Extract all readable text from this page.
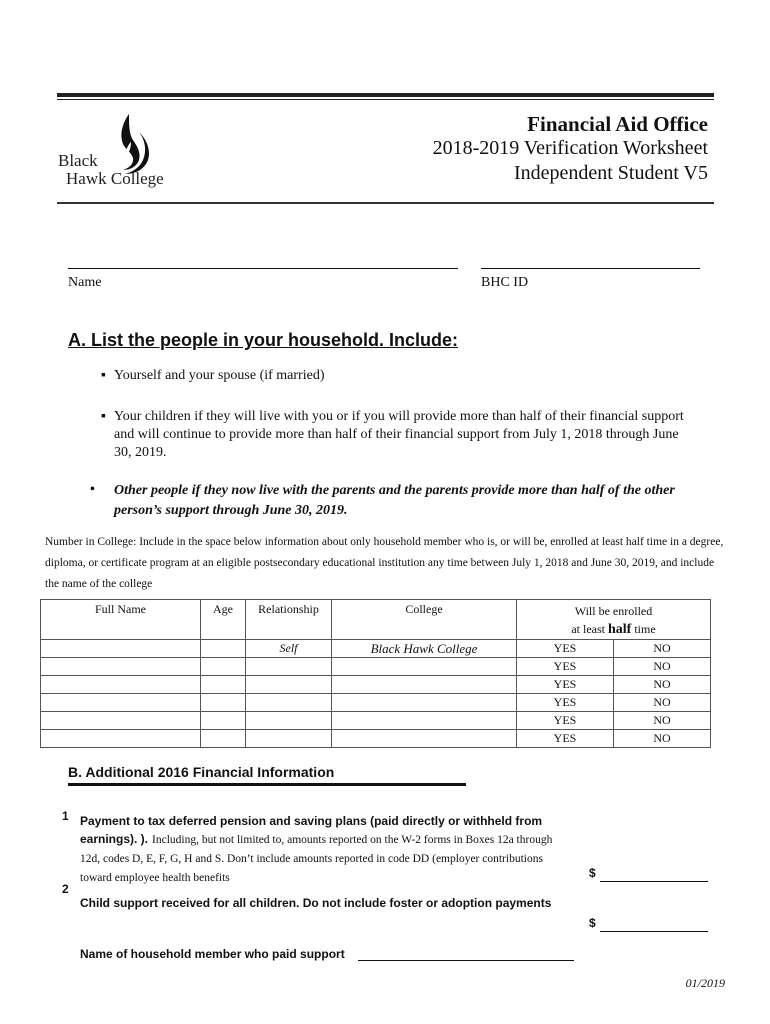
Black
Hawk College
Financial Aid Office
2018-2019 Verification Worksheet
Independent Student V5
Name	BHC ID
A. List the people in your household. Include:
▪ Yourself and your spouse (if married)
▪ Your children if they will live with you or if you will provide more than half of their financial support and will continue to provide more than half of their financial support from July 1, 2018 through June 30, 2019.
• Other people if they now live with the parents and the parents provide more than half of the other person’s support through June 30, 2019.
Number in College: Include in the space below information about only household member who is, or will be, enrolled at least half time in a degree, diploma, or certificate program at an eligible postsecondary educational institution any time between July 1, 2018 and June 30, 2019, and include the name of the college
Full Name	Age	Relationship	College	Will be enrolled
at least half time	
		Self	Black Hawk College	YES	NO
				YES	NO
				YES	NO
				YES	NO
				YES	NO
				YES	NO
B. Additional 2016 Financial Information
1 Payment to tax deferred pension and saving plans (paid directly or withheld from earnings). ). Including, but not limited to, amounts reported on the W-2 forms in Boxes 12a through 12d, codes D, E, F, G, H and S. Don’t include amounts reported in code DD (employer contributions toward employee health benefits	$
2
Child support received for all children. Do not include foster or adoption payments
$
Name of household member who paid support
01/2019
